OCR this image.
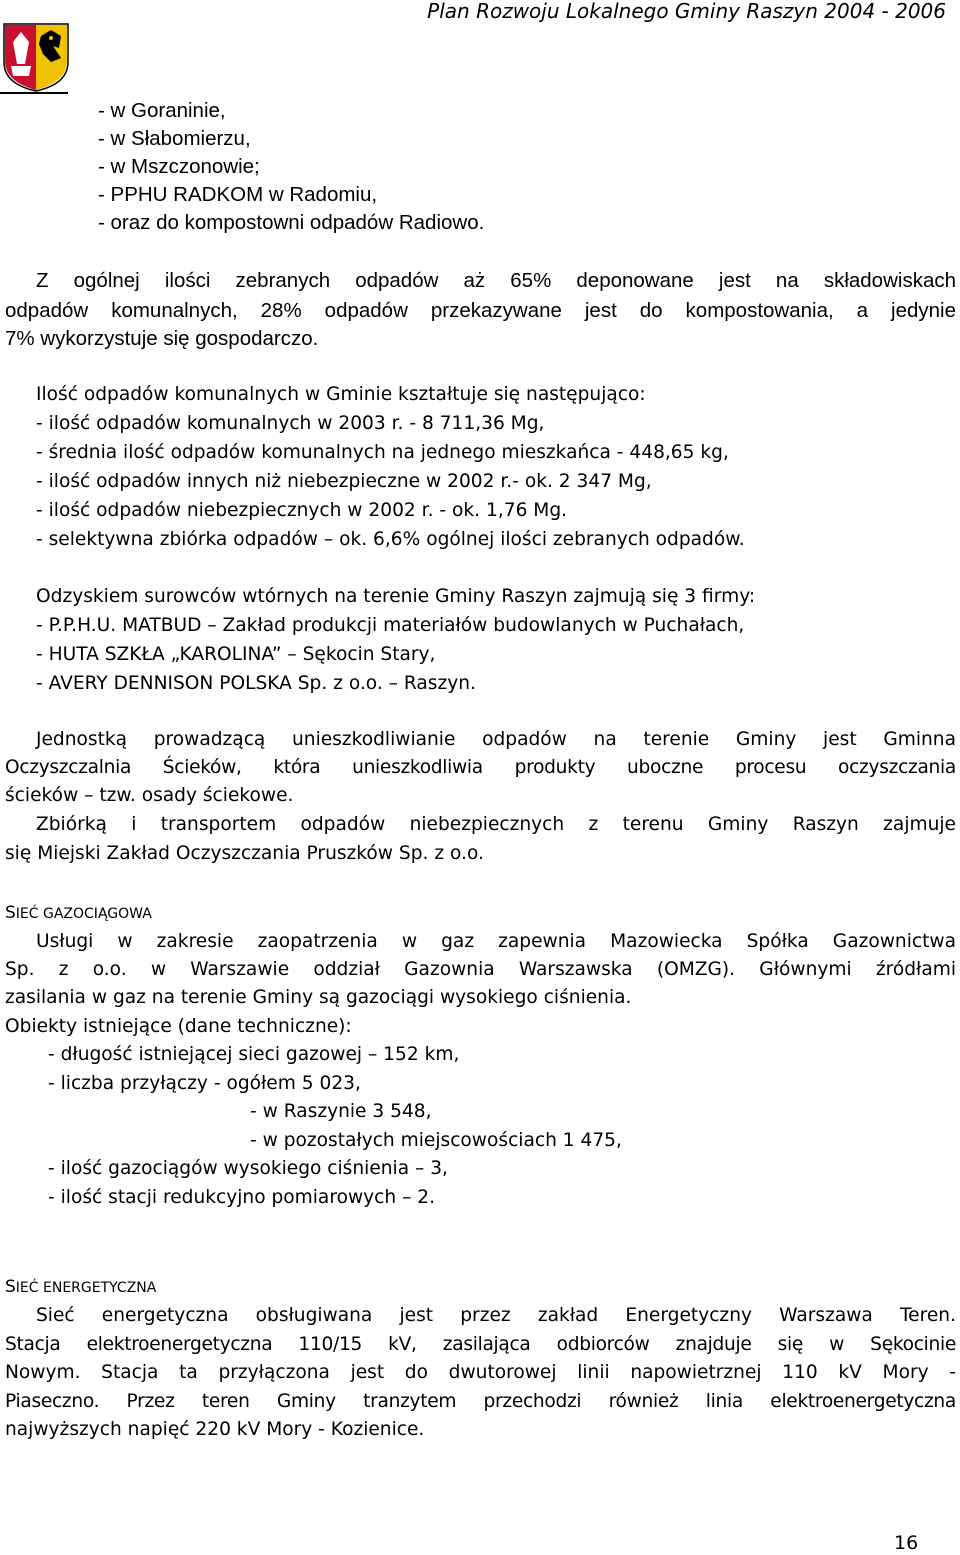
Plan Rozwoju Lokalnego Gminy Raszyn 2004 - 2006
- w Goraninie,
- w Słabomierzu,
- w Mszczonowie;
- PPHU RADKOM w Radomiu,
- oraz do kompostowni odpadów Radiowo.
Z ogólnej ilości zebranych odpadów aż 65% deponowane jest na składowiskach
odpadów komunalnych, 28% odpadów przekazywane jest do kompostowania, a jedynie
7% wykorzystuje się gospodarczo.
Ilość odpadów komunalnych w Gminie kształtuje się następująco:
- ilość odpadów komunalnych w 2003 r. - 8 711,36 Mg,
- średnia ilość odpadów komunalnych na jednego mieszkańca - 448,65 kg,
- ilość odpadów innych niż niebezpieczne w 2002 r.- ok. 2 347 Mg,
- ilość odpadów niebezpiecznych w 2002 r. - ok. 1,76 Mg.
- selektywna zbiórka odpadów – ok. 6,6% ogólnej ilości zebranych odpadów.
Odzyskiem surowców wtórnych na terenie Gminy Raszyn zajmują się 3 firmy:
- P.P.H.U. MATBUD – Zakład produkcji materiałów budowlanych w Puchałach,
- HUTA SZKŁA „KAROLINA” – Sękocin Stary,
- AVERY DENNISON POLSKA Sp. z o.o. – Raszyn.
Jednostką prowadzącą unieszkodliwianie odpadów na terenie Gminy jest Gminna
Oczyszczalnia Ścieków, która unieszkodliwia produkty uboczne procesu oczyszczania
ścieków – tzw. osady ściekowe.
Zbiórką i transportem odpadów niebezpiecznych z terenu Gminy Raszyn zajmuje
się Miejski Zakład Oczyszczania Pruszków Sp. z o.o.
SIEĆ GAZOCIĄGOWA
Usługi w zakresie zaopatrzenia w gaz zapewnia Mazowiecka Spółka Gazownictwa
Sp. z o.o. w Warszawie oddział Gazownia Warszawska (OMZG). Głównymi źródłami
zasilania w gaz na terenie Gminy są gazociągi wysokiego ciśnienia.
Obiekty istniejące (dane techniczne):
- długość istniejącej sieci gazowej – 152 km,
- liczba przyłączy - ogółem 5 023,
- w Raszynie 3 548,
- w pozostałych miejscowościach 1 475,
- ilość gazociągów wysokiego ciśnienia – 3,
- ilość stacji redukcyjno pomiarowych – 2.
SIEĆ ENERGETYCZNA
Sieć energetyczna obsługiwana jest przez zakład Energetyczny Warszawa Teren.
Stacja elektroenergetyczna 110/15 kV, zasilająca odbiorców znajduje się w Sękocinie
Nowym. Stacja ta przyłączona jest do dwutorowej linii napowietrznej 110 kV Mory -
Piaseczno. Przez teren Gminy tranzytem przechodzi również linia elektroenergetyczna
najwyższych napięć 220 kV Mory - Kozienice.
16
